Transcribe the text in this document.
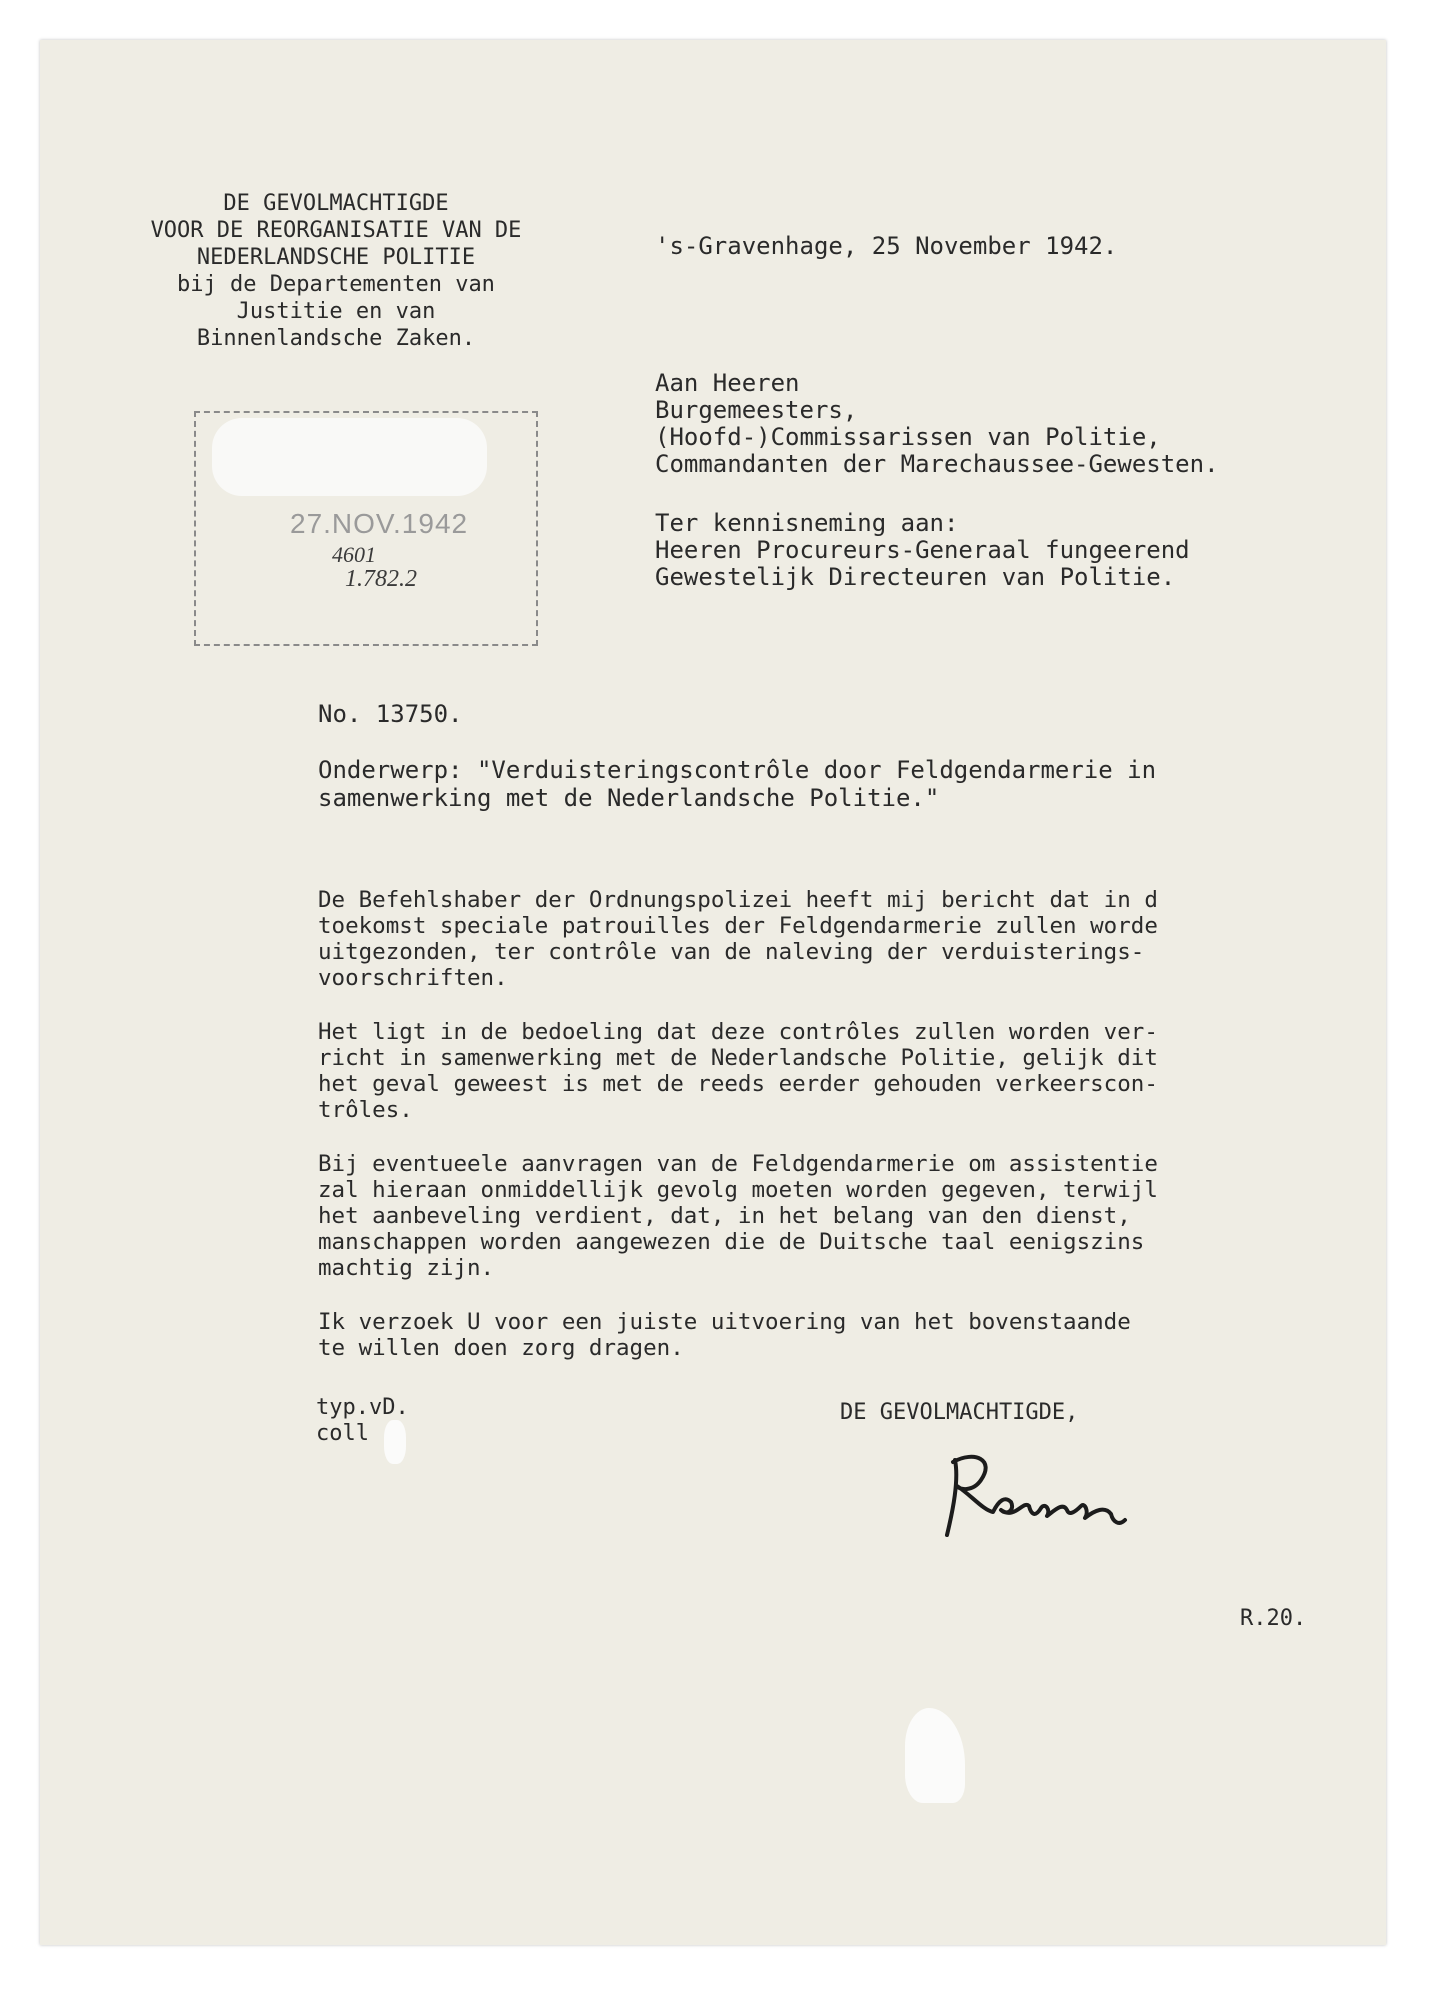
DE GEVOLMACHTIGDE
VOOR DE REORGANISATIE VAN DE
NEDERLANDSCHE POLITIE
bij de Departementen van
Justitie en van
Binnenlandsche Zaken.
's-Gravenhage, 25 November 1942.
Aan Heeren
Burgemeesters,
(Hoofd-)Commissarissen van Politie,
Commandanten der Marechaussee-Gewesten.
Ter kennisneming aan:
Heeren Procureurs-Generaal fungeerend
Gewestelijk Directeuren van Politie.
27.NOV.1942
4601
1.782.2
No. 13750.
Onderwerp: "Verduisteringscontrôle door Feldgendarmerie in
samenwerking met de Nederlandsche Politie."
De Befehlshaber der Ordnungspolizei heeft mij bericht dat in d
toekomst speciale patrouilles der Feldgendarmerie zullen worde
uitgezonden, ter contrôle van de naleving der verduisterings-
voorschriften.
Het ligt in de bedoeling dat deze contrôles zullen worden ver-
richt in samenwerking met de Nederlandsche Politie, gelijk dit
het geval geweest is met de reeds eerder gehouden verkeerscon-
trôles.
Bij eventueele aanvragen van de Feldgendarmerie om assistentie
zal hieraan onmiddellijk gevolg moeten worden gegeven, terwijl
het aanbeveling verdient, dat, in het belang van den dienst,
manschappen worden aangewezen die de Duitsche taal eenigszins
machtig zijn.
Ik verzoek U voor een juiste uitvoering van het bovenstaande
te willen doen zorg dragen.
typ.vD.
coll
DE GEVOLMACHTIGDE,
R.20.
